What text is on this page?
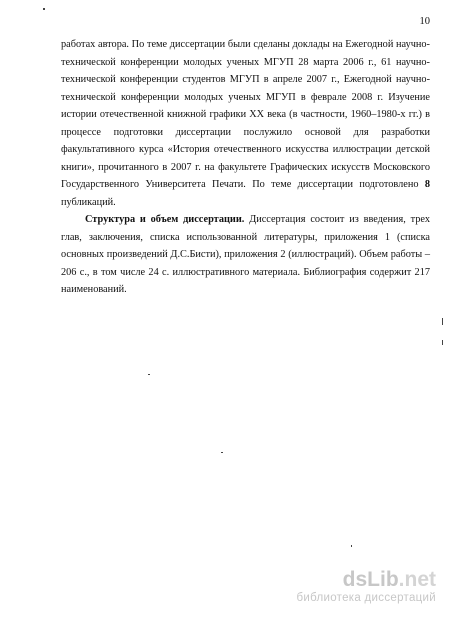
10

работах автора. По теме диссертации были сделаны доклады на Ежегодной научно-технической конференции молодых ученых МГУП 28 марта 2006 г., 61 научно-технической конференции студентов МГУП в апреле 2007 г., Ежегодной научно-технической конференции молодых ученых МГУП в феврале 2008 г. Изучение истории отечественной книжной графики XX века (в частности, 1960–1980-х гг.) в процессе подготовки диссертации послужило основой для разработки факультативного курса «История отечественного искусства иллюстрации детской книги», прочитанного в 2007 г. на факультете Графических искусств Московского Государственного Университета Печати. По теме диссертации подготовлено 8 публикаций.

Структура и объем диссертации. Диссертация состоит из введения, трех глав, заключения, списка использованной литературы, приложения 1 (списка основных произведений Д.С.Бисти), приложения 2 (иллюстраций). Объем работы – 206 с., в том числе 24 с. иллюстративного материала. Библиография содержит 217 наименований.

dsLib.net
библиотека диссертаций
